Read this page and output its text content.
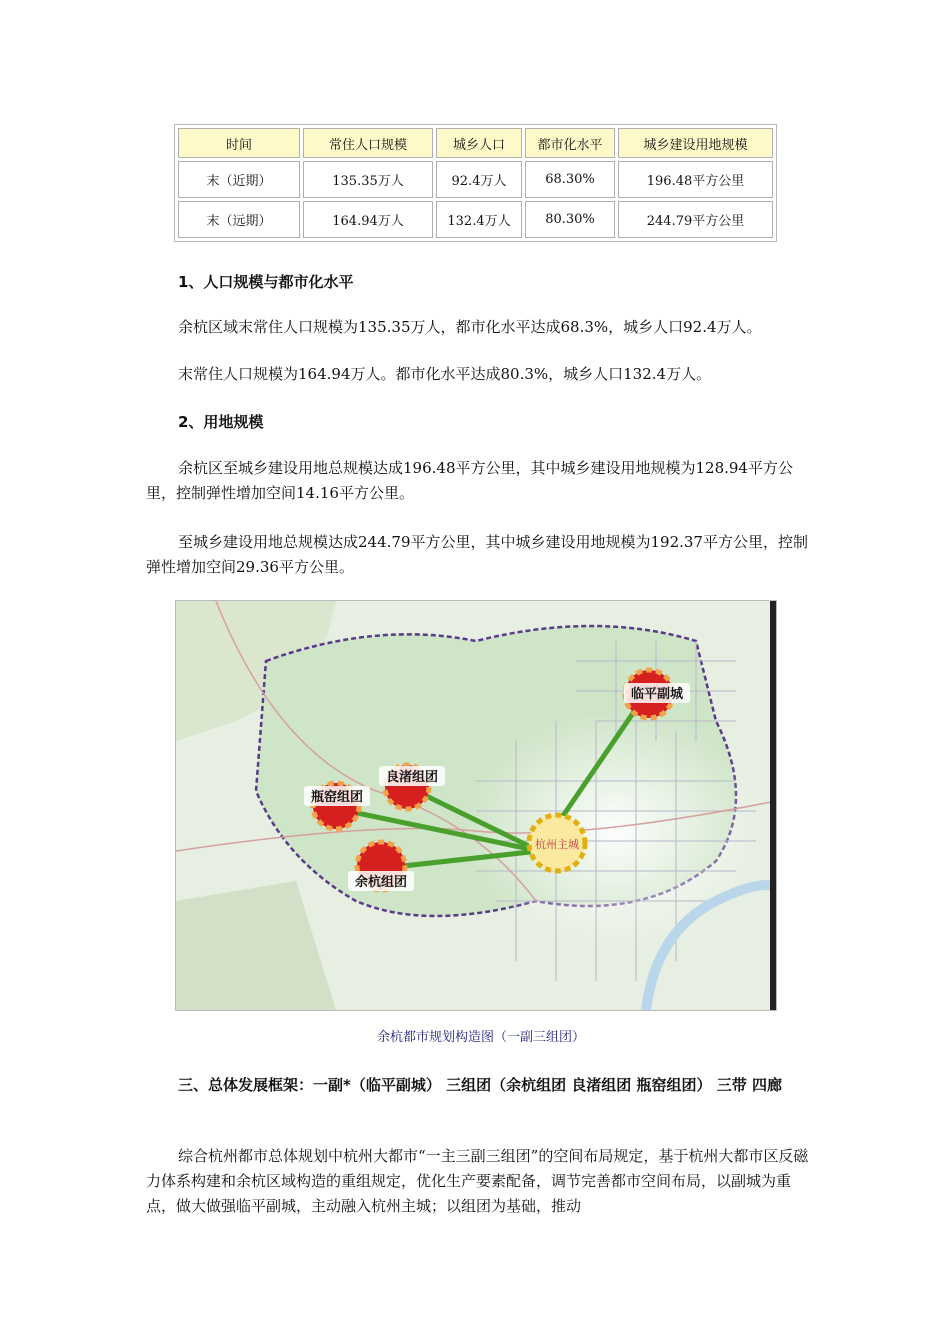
时间	常住人口规模	城乡人口	都市化水平	城乡建设用地规模
末（近期）	135.35万人	92.4万人	68.30%	196.48平方公里
末（远期）	164.94万人	132.4万人	80.30%	244.79平方公里

1、人口规模与都市化水平

余杭区域末常住人口规模为135.35万人，都市化水平达成68.3%，城乡人口92.4万人。

末常住人口规模为164.94万人。都市化水平达成80.3%，城乡人口132.4万人。

2、用地规模

余杭区至城乡建设用地总规模达成196.48平方公里，其中城乡建设用地规模为128.94平方公里，控制弹性增加空间14.16平方公里。

至城乡建设用地总规模达成244.79平方公里，其中城乡建设用地规模为192.37平方公里，控制弹性增加空间29.36平方公里。

临平副城
良渚组团
瓶窑组团
余杭组团
杭州主城
余杭都市规划构造图（一副三组团）

三、总体发展框架：一副*（临平副城） 三组团（余杭组团 良渚组团 瓶窑组团） 三带 四廊

综合杭州都市总体规划中杭州大都市“一主三副三组团”的空间布局规定，基于杭州大都市区反磁力体系构建和余杭区域构造的重组规定，优化生产要素配备，调节完善都市空间布局，以副城为重点，做大做强临平副城，主动融入杭州主城；以组团为基础，推动
